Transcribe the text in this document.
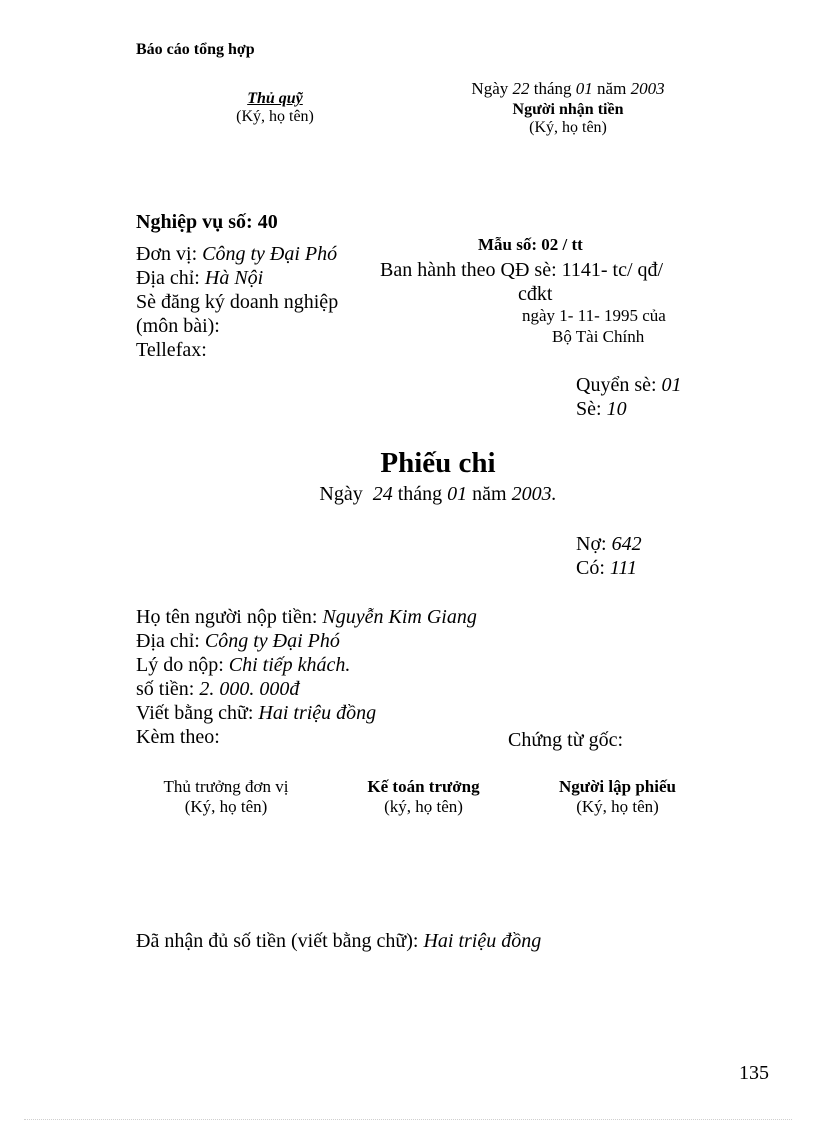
Báo cáo tổng hợp
Thủ quỹ
(Ký, họ tên)
Ngày 22 tháng 01 năm 2003
Người nhận tiền
(Ký, họ tên)
Nghiệp vụ số: 40
Đơn vị: Công ty Đại Phó
Địa chỉ: Hà Nội
Sè đăng ký doanh nghiệp
(môn bài):
Tellefax:
Mẫu số: 02 / tt
Ban hành theo QĐ sè: 1141- tc/ qđ/
cđkt
ngày 1- 11- 1995 của
Bộ Tài Chính
Quyển sè: 01
Sè: 10
Phiếu chi
Ngày 24 tháng 01 năm 2003.
Nợ: 642
Có: 111
Họ tên người nộp tiền: Nguyễn Kim Giang
Địa chỉ: Công ty Đại Phó
Lý do nộp: Chi tiếp khách.
số tiền: 2. 000. 000đ
Viết bằng chữ: Hai triệu đồng
Kèm theo:	Chứng từ gốc:
Thủ trưởng đơn vị
(Ký, họ tên)
Kế toán trưởng
(ký, họ tên)
Người lập phiếu
(Ký, họ tên)
Đã nhận đủ số tiền (viết bằng chữ): Hai triệu đồng
135
